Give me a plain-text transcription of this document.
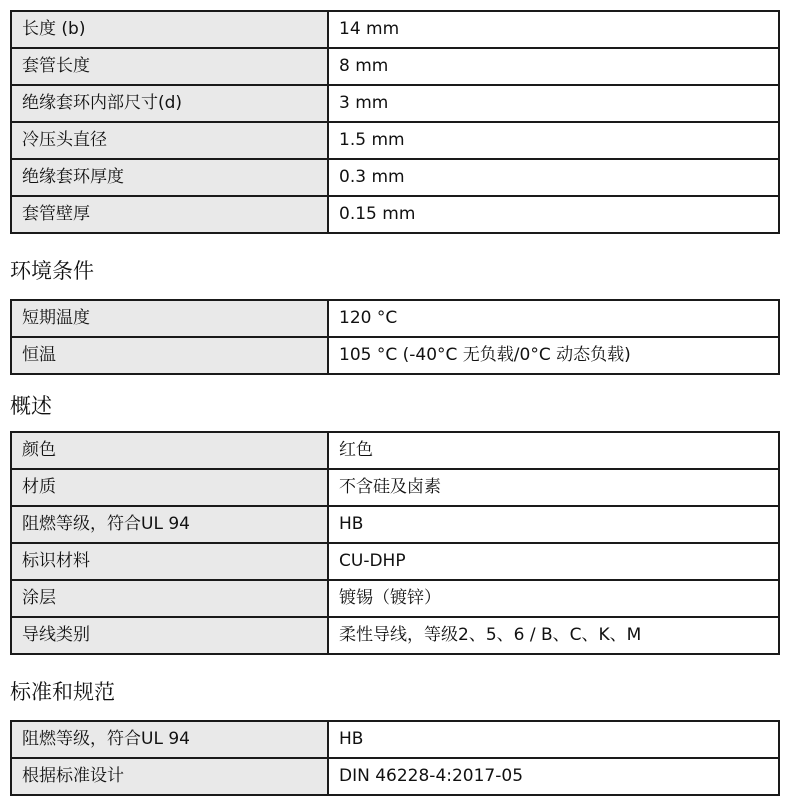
长度 (b)	14 mm
套管长度	8 mm
绝缘套环内部尺寸(d)	3 mm
冷压头直径	1.5 mm
绝缘套环厚度	0.3 mm
套管壁厚	0.15 mm
环境条件
短期温度	120 °C
恒温	105 °C (-40°C 无负载/0°C 动态负载)
概述
颜色	红色
材质	不含硅及卤素
阻燃等级，符合UL 94	HB
标识材料	CU-DHP
涂层	镀锡（镀锌）
导线类别	柔性导线，等级2、5、6 / B、C、K、M
标准和规范
阻燃等级，符合UL 94	HB
根据标准设计	DIN 46228-4:2017-05
